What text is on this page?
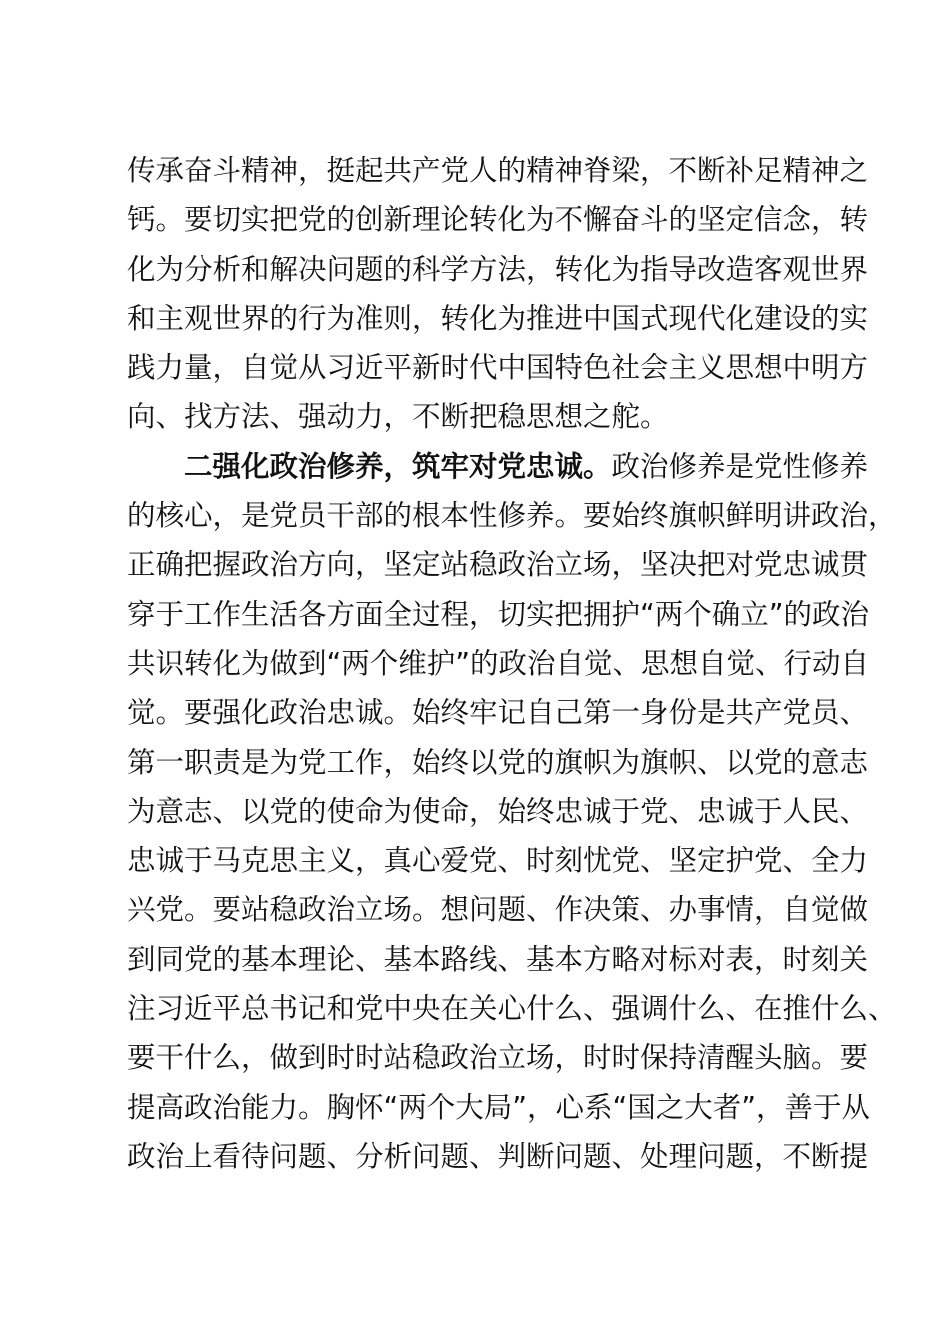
传承奋斗精神，挺起共产党人的精神脊梁，不断补足精神之
钙。要切实把党的创新理论转化为不懈奋斗的坚定信念，转
化为分析和解决问题的科学方法，转化为指导改造客观世界
和主观世界的行为准则，转化为推进中国式现代化建设的实
践力量，自觉从习近平新时代中国特色社会主义思想中明方
向、找方法、强动力，不断把稳思想之舵。
二强化政治修养，筑牢对党忠诚。政治修养是党性修养
的核心，是党员干部的根本性修养。要始终旗帜鲜明讲政治，
正确把握政治方向，坚定站稳政治立场，坚决把对党忠诚贯
穿于工作生活各方面全过程，切实把拥护“两个确立”的政治
共识转化为做到“两个维护”的政治自觉、思想自觉、行动自
觉。要强化政治忠诚。始终牢记自己第一身份是共产党员、
第一职责是为党工作，始终以党的旗帜为旗帜、以党的意志
为意志、以党的使命为使命，始终忠诚于党、忠诚于人民、
忠诚于马克思主义，真心爱党、时刻忧党、坚定护党、全力
兴党。要站稳政治立场。想问题、作决策、办事情，自觉做
到同党的基本理论、基本路线、基本方略对标对表，时刻关
注习近平总书记和党中央在关心什么、强调什么、在推什么、
要干什么，做到时时站稳政治立场，时时保持清醒头脑。要
提高政治能力。胸怀“两个大局”，心系“国之大者”，善于从
政治上看待问题、分析问题、判断问题、处理问题，不断提
